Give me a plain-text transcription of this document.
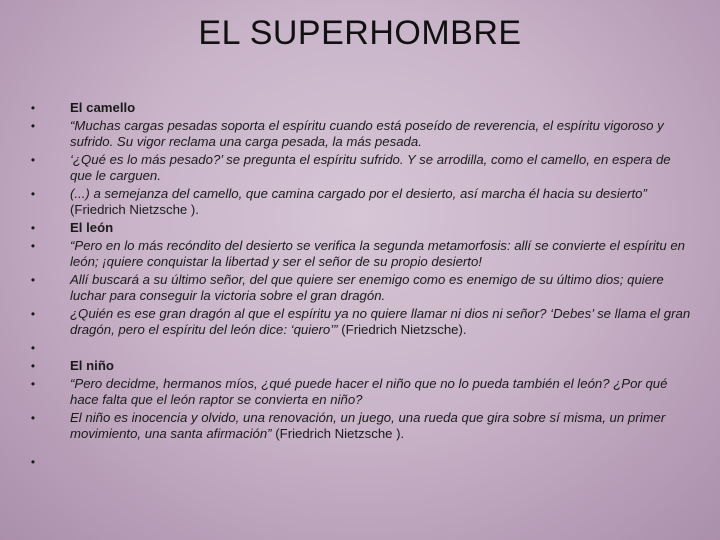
EL SUPERHOMBRE
•	El camello
•	“Muchas cargas pesadas soporta el espíritu cuando está poseído de reverencia, el espíritu vigoroso y sufrido. Su vigor reclama una carga pesada, la más pesada.
•	‘¿Qué es lo más pesado?’ se pregunta el espíritu sufrido. Y se arrodilla, como el camello, en espera de que le carguen.
•	(...) a semejanza del camello, que camina cargado por el desierto, así marcha él hacia su desierto” (Friedrich Nietzsche ).
•	El león
•	“Pero en lo más recóndito del desierto se verifica la segunda metamorfosis: allí se convierte el espíritu en león; ¡quiere conquistar la libertad y ser el señor de su propio desierto!
•	Allí buscará a su último señor, del que quiere ser enemigo como es enemigo de su último dios; quiere luchar para conseguir la victoria sobre el gran dragón.
•	¿Quién es ese gran dragón al que el espíritu ya no quiere llamar ni dios ni señor? ‘Debes’ se llama el gran dragón, pero el espíritu del león dice: ‘quiero’” (Friedrich Nietzsche).
•
•	El niño
•	“Pero decidme, hermanos míos, ¿qué puede hacer el niño que no lo pueda también el león? ¿Por qué hace falta que el león raptor se convierta en niño?
•	El niño es inocencia y olvido, una renovación, un juego, una rueda que gira sobre sí misma, un primer movimiento, una santa afirmación” (Friedrich Nietzsche ).
•
